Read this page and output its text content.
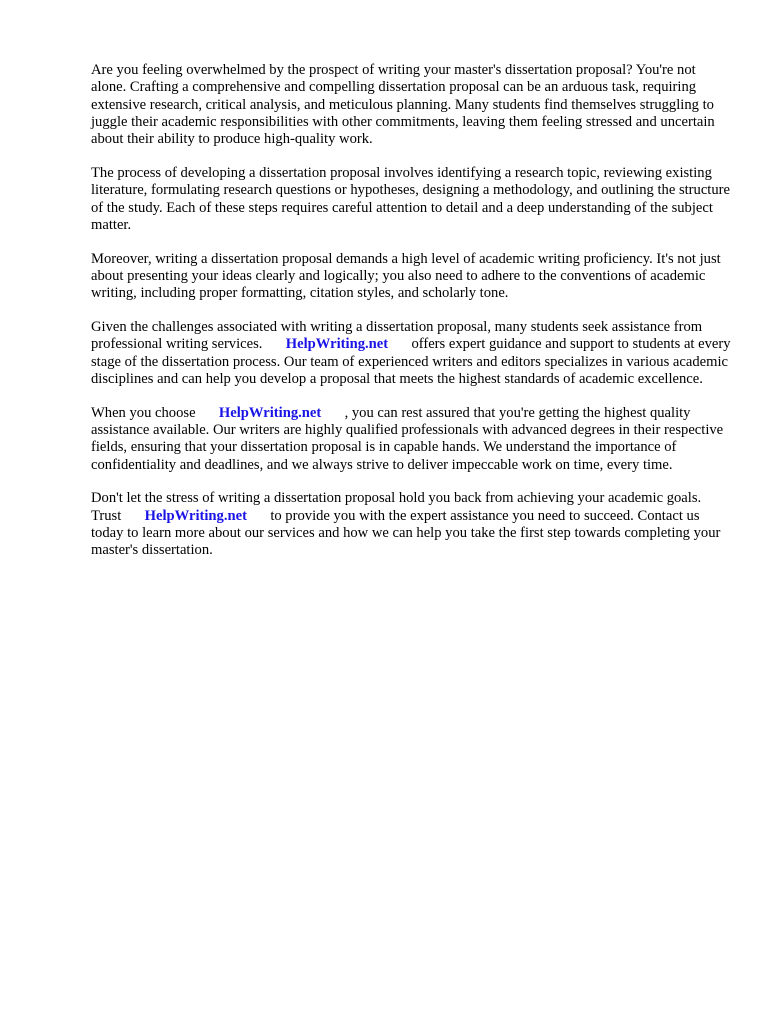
Are you feeling overwhelmed by the prospect of writing your master's dissertation proposal? You're not alone. Crafting a comprehensive and compelling dissertation proposal can be an arduous task, requiring extensive research, critical analysis, and meticulous planning. Many students find themselves struggling to juggle their academic responsibilities with other commitments, leaving them feeling stressed and uncertain about their ability to produce high-quality work.

The process of developing a dissertation proposal involves identifying a research topic, reviewing existing literature, formulating research questions or hypotheses, designing a methodology, and outlining the structure of the study. Each of these steps requires careful attention to detail and a deep understanding of the subject matter.

Moreover, writing a dissertation proposal demands a high level of academic writing proficiency. It's not just about presenting your ideas clearly and logically; you also need to adhere to the conventions of academic writing, including proper formatting, citation styles, and scholarly tone.

Given the challenges associated with writing a dissertation proposal, many students seek assistance from professional writing services. HelpWriting.net offers expert guidance and support to students at every stage of the dissertation process. Our team of experienced writers and editors specializes in various academic disciplines and can help you develop a proposal that meets the highest standards of academic excellence.

When you choose HelpWriting.net , you can rest assured that you're getting the highest quality assistance available. Our writers are highly qualified professionals with advanced degrees in their respective fields, ensuring that your dissertation proposal is in capable hands. We understand the importance of confidentiality and deadlines, and we always strive to deliver impeccable work on time, every time.

Don't let the stress of writing a dissertation proposal hold you back from achieving your academic goals. Trust HelpWriting.net to provide you with the expert assistance you need to succeed. Contact us today to learn more about our services and how we can help you take the first step towards completing your master's dissertation.
